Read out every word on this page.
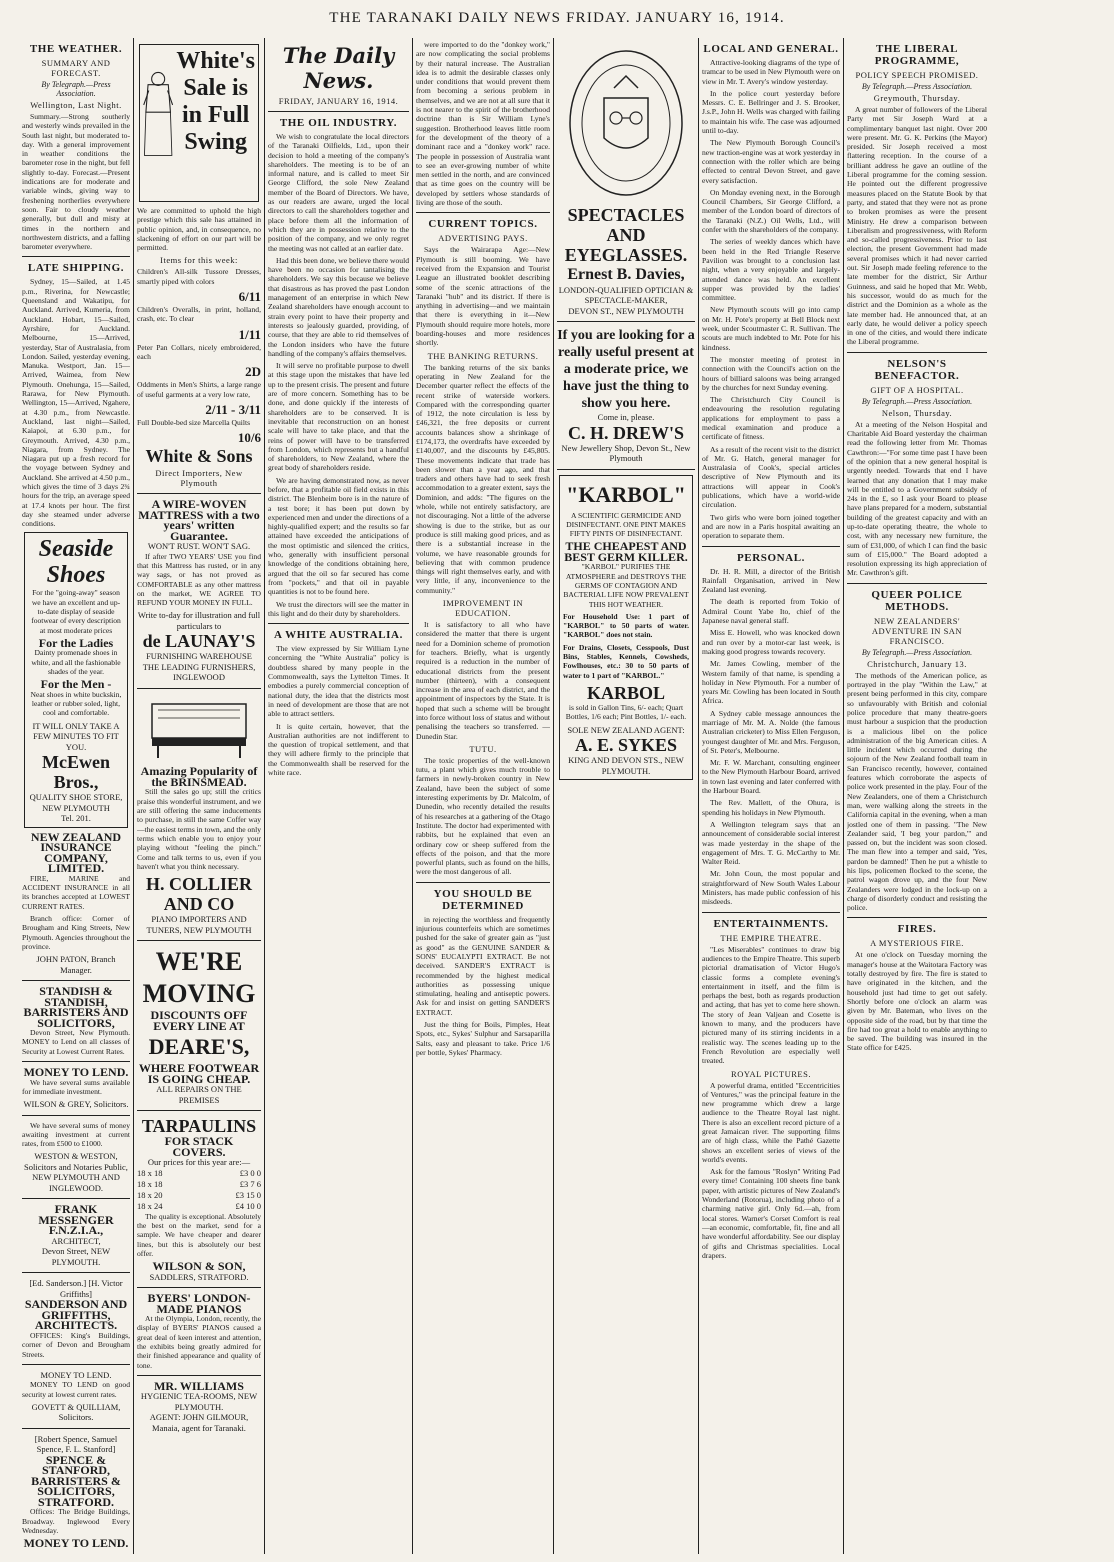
THE TARANAKI DAILY NEWS FRIDAY. JANUARY 16, 1914.
THE WEATHER.
SUMMARY AND FORECAST.
By Telegraph.—Press Association.
Wellington, Last Night.

Summary.—Strong southerly and westerly winds prevailed in the South last night, but moderated to-day. With a general improvement in weather conditions the barometer rose in the night, but fell slightly to-day. Forecast.—Present indications are for moderate and variable winds, giving way to freshening northerlies everywhere soon. Fair to cloudy weather generally, but dull and misty at times in the northern and northwestern districts, and a falling barometer everywhere.

LATE SHIPPING.

Sydney, 15—Sailed, at 1.45 p.m., Riverina, for Newcastle; Queensland and Wakatipu, for Auckland. Arrived, Kumeria, from Auckland. Hobart, 15—Sailed, Ayrshire, for Auckland. Melbourne, 15—Arrived, yesterday, Star of Australasia, from London. Sailed, yesterday evening, Manuka. Westport, Jan. 15—Arrived, Waimea, from New Plymouth. Onehunga, 15—Sailed, Rarawa, for New Plymouth. Wellington, 15—Arrived, Ngahere, at 4.30 p.m., from Newcastle. Auckland, last night—Sailed, Kaiapoi, at 6.30 p.m., for Greymouth. Arrived, 4.30 p.m., Niagara, from Sydney. The Niagara put up a fresh record for the voyage between Sydney and Auckland. She arrived at 4.50 p.m., which gives the time of 3 days 2¾ hours for the trip, an average speed at 17.4 knots per hour. The first day she steamed under adverse conditions.

Seaside Shoes

For the "going-away" season we have an excellent and up-to-date display of seaside footwear of every description at most moderate prices

For the Ladies

Dainty promenade shoes in white, and all the fashionable shades of the year.

For the Men -

Neat shoes in white buckskin, leather or rubber soled, light, cool and comfortable.

IT WILL ONLY TAKE A FEW MINUTES TO FIT YOU.
McEwen Bros.,
QUALITY SHOE STORE, NEW PLYMOUTH
Tel. 201.
NEW ZEALAND INSURANCE COMPANY, LIMITED.

FIRE, MARINE and ACCIDENT INSURANCE in all its branches accepted at LOWEST CURRENT RATES.

Branch office: Corner of Brougham and King Streets, New Plymouth. Agencies throughout the province.

JOHN PATON, Branch Manager.
STANDISH & STANDISH, BARRISTERS AND SOLICITORS,

Devon Street, New Plymouth. MONEY to Lend on all classes of Security at Lowest Current Rates.

MONEY TO LEND.

We have several sums available for immediate investment.

WILSON & GREY, Solicitors.

We have several sums of money awaiting investment at current rates, from £500 to £1000.

WESTON & WESTON, Solicitors and Notaries Public, NEW PLYMOUTH AND INGLEWOOD.
FRANK MESSENGER F.N.Z.I.A.,
ARCHITECT,
Devon Street, NEW PLYMOUTH.
[Ed. Sanderson.] [H. Victor Griffiths]
SANDERSON AND GRIFFITHS, ARCHITECTS.

OFFICES: King's Buildings, corner of Devon and Brougham Streets.

MONEY TO LEND.

MONEY TO LEND on good security at lowest current rates.

GOVETT & QUILLIAM, Solicitors.
[Robert Spence, Samuel Spence, F. L. Stanford]
SPENCE & STANFORD, BARRISTERS & SOLICITORS, STRATFORD.

Offices: The Bridge Buildings, Broadway. Inglewood Every Wednesday.

MONEY TO LEND.
White's Sale is in Full Swing

We are committed to uphold the high prestige which this sale has attained in public opinion, and, in consequence, no slackening of effort on our part will be permitted.

Items for this week:

Children's All-silk Tussore Dresses, smartly piped with colors

6/11

Children's Overalls, in print, holland, crash, etc. To clear

1/11

Peter Pan Collars, nicely embroidered, each

2D

Oddments in Men's Shirts, a large range of useful garments at a very low rate,

2/11 - 3/11

Full Double-bed size Marcella Quilts

10/6
White & Sons
Direct Importers, New Plymouth
A WIRE-WOVEN MATTRESS with a two years' written Guarantee.
WON'T RUST. WON'T SAG.

If after TWO YEARS' USE you find that this Mattress has rusted, or in any way sags, or has not proved as COMFORTABLE as any other mattress on the market, WE AGREE TO REFUND YOUR MONEY IN FULL.

Write to-day for illustration and full particulars to
de LAUNAY'S
FURNISHING WAREHOUSE THE LEADING FURNISHERS, INGLEWOOD
Amazing Popularity of the BRINSMEAD.

Still the sales go up; still the critics praise this wonderful instrument, and we are still offering the same inducements to purchase, in still the same Coffer way—the easiest terms in town, and the only terms which enable you to enjoy your playing without "feeling the pinch." Come and talk terms to us, even if you haven't what you think necessary.

H. COLLIER AND CO
PIANO IMPORTERS AND TUNERS, NEW PLYMOUTH
WE'RE MOVING
DISCOUNTS OFF EVERY LINE AT
DEARE'S,
WHERE FOOTWEAR IS GOING CHEAP.
ALL REPAIRS ON THE PREMISES
TARPAULINS
FOR STACK COVERS.
Our prices for this year are:—
18 x 18	£3 0 0
18 x 18	£3 7 6
18 x 20	£3 15 0
18 x 24	£4 10 0

The quality is exceptional. Absolutely the best on the market, send for a sample. We have cheaper and dearer lines, but this is absolutely our best offer.

WILSON & SON,
SADDLERS, STRATFORD.
BYERS' LONDON-MADE PIANOS

At the Olympia, London, recently, the display of BYERS' PIANOS caused a great deal of keen interest and attention, the exhibits being greatly admired for their finished appearance and quality of tone.

MR. WILLIAMS
HYGIENIC TEA-ROOMS, NEW PLYMOUTH.
AGENT: JOHN GILMOUR, Manaia, agent for Taranaki.
The Daily News.
FRIDAY, JANUARY 16, 1914.
THE OIL INDUSTRY.

We wish to congratulate the local directors of the Taranaki Oilfields, Ltd., upon their decision to hold a meeting of the company's shareholders. The meeting is to be of an informal nature, and is called to meet Sir George Clifford, the sole New Zealand member of the Board of Directors. We have, as our readers are aware, urged the local directors to call the shareholders together and place before them all the information of which they are in possession relative to the position of the company, and we only regret the meeting was not called at an earlier date.

Had this been done, we believe there would have been no occasion for tantalising the shareholders. We say this because we believe that disastrous as has proved the past London management of an enterprise in which New Zealand shareholders have enough account to strain every point to have their property and interests so jealously guarded, providing, of course, that they are able to rid themselves of the London insiders who have the future handling of the company's affairs themselves.

It will serve no profitable purpose to dwell at this stage upon the mistakes that have led up to the present crisis. The present and future are of more concern. Something has to be done, and done quickly if the interests of shareholders are to be conserved. It is inevitable that reconstruction on an honest scale will have to take place, and that the reins of power will have to be transferred from London, which represents but a handful of shareholders, to New Zealand, where the great body of shareholders reside.

We are having demonstrated now, as never before, that a profitable oil field exists in this district. The Blenheim bore is in the nature of a test bore; it has been put down by experienced men and under the directions of a highly-qualified expert; and the results so far attained have exceeded the anticipations of the most optimistic and silenced the critics, who, generally with insufficient personal knowledge of the conditions obtaining here, argued that the oil so far secured has come from "pockets," and that oil in payable quantities is not to be found here.

We trust the directors will see the matter in this light and do their duty by shareholders.

A WHITE AUSTRALIA.

The view expressed by Sir William Lyne concerning the "White Australia" policy is doubtless shared by many people in the Commonwealth, says the Lyttelton Times. It embodies a purely commercial conception of national duty, the idea that the districts most in need of development are those that are not able to attract settlers.

It is quite certain, however, that the Australian authorities are not indifferent to the question of tropical settlement, and that they will adhere firmly to the principle that the Commonwealth shall be reserved for the white race.

were imported to do the "donkey work," are now complicating the social problems by their natural increase. The Australian idea is to admit the desirable classes only under conditions that would prevent them from becoming a serious problem in themselves, and we are not at all sure that it is not nearer to the spirit of the brotherhood doctrine than is Sir William Lyne's suggestion. Brotherhood leaves little room for the development of the theory of a dominant race and a "donkey work" race. The people in possession of Australia want to see an ever-growing number of white men settled in the north, and are convinced that as time goes on the country will be developed by settlers whose standards of living are those of the south.

CURRENT TOPICS.
ADVERTISING PAYS.

Says the Wairarapa Age:—New Plymouth is still booming. We have received from the Expansion and Tourist League an illustrated booklet describing some of the scenic attractions of the Taranaki "hub" and its district. If there is anything in advertising—and we maintain that there is everything in it—New Plymouth should require more hotels, more boarding-houses and more residences shortly.

THE BANKING RETURNS.

The banking returns of the six banks operating in New Zealand for the December quarter reflect the effects of the recent strike of waterside workers. Compared with the corresponding quarter of 1912, the note circulation is less by £46,321, the free deposits or current accounts balances show a shrinkage of £174,173, the overdrafts have exceeded by £140,007, and the discounts by £45,805. These movements indicate that trade has been slower than a year ago, and that traders and others have had to seek fresh accommodation to a greater extent, says the Dominion, and adds: "The figures on the whole, while not entirely satisfactory, are not discouraging. Not a little of the adverse showing is due to the strike, but as our produce is still making good prices, and as there is a substantial increase in the volume, we have reasonable grounds for believing that with common prudence things will right themselves early, and with very little, if any, inconvenience to the community."

IMPROVEMENT IN EDUCATION.

It is satisfactory to all who have considered the matter that there is urgent need for a Dominion scheme of promotion for teachers. Briefly, what is urgently required is a reduction in the number of educational districts from the present number (thirteen), with a consequent increase in the area of each district, and the appointment of inspectors by the State. It is hoped that such a scheme will be brought into force without loss of status and without penalising the teachers so transferred. — Dunedin Star.

TUTU.

The toxic properties of the well-known tutu, a plant which gives much trouble to farmers in newly-broken country in New Zealand, have been the subject of some interesting experiments by Dr. Malcolm, of Dunedin, who recently detailed the results of his researches at a gathering of the Otago Institute. The doctor had experimented with rabbits, but he explained that even an ordinary cow or sheep suffered from the effects of the poison, and that the more powerful plants, such as found on the hills, were the most dangerous of all.

YOU SHOULD BE DETERMINED

in rejecting the worthless and frequently injurious counterfeits which are sometimes pushed for the sake of greater gain as "just as good" as the GENUINE SANDER & SONS' EUCALYPTI EXTRACT. Be not deceived. SANDER'S EXTRACT is recommended by the highest medical authorities as possessing unique stimulating, healing and antiseptic powers. Ask for and insist on getting SANDER'S EXTRACT.

Just the thing for Boils, Pimples, Heat Spots, etc., Sykes' Sulphur and Sarsaparilla Salts, easy and pleasant to take. Price 1/6 per bottle, Sykes' Pharmacy.

SPECTACLES AND EYEGLASSES.
Ernest B. Davies,
LONDON-QUALIFIED OPTICIAN & SPECTACLE-MAKER,
DEVON ST., NEW PLYMOUTH
If you are looking for a really useful present at a moderate price, we have just the thing to show you here.
Come in, please.
C. H. DREW'S
New Jewellery Shop, Devon St., New Plymouth
"KARBOL"

A SCIENTIFIC GERMICIDE AND DISINFECTANT. ONE PINT MAKES FIFTY PINTS OF DISINFECTANT.

THE CHEAPEST AND BEST GERM KILLER.

"KARBOL" PURIFIES THE ATMOSPHERE and DESTROYS THE GERMS OF CONTAGION AND BACTERIAL LIFE NOW PREVALENT THIS HOT WEATHER.

For Household Use: 1 part of "KARBOL" to 50 parts of water. "KARBOL" does not stain.

For Drains, Closets, Cesspools, Dust Bins, Stables, Kennels, Cowsheds, Fowlhouses, etc.: 30 to 50 parts of water to 1 part of "KARBOL."

KARBOL

is sold in Gallon Tins, 6/- each; Quart Bottles, 1/6 each; Pint Bottles, 1/- each.

SOLE NEW ZEALAND AGENT:
A. E. SYKES
KING AND DEVON STS., NEW PLYMOUTH.
LOCAL AND GENERAL.

Attractive-looking diagrams of the type of tramcar to be used in New Plymouth were on view in Mr. T. Avery's window yesterday.

In the police court yesterday before Messrs. C. E. Bellringer and J. S. Brooker, J.s.P., John H. Wells was charged with failing to maintain his wife. The case was adjourned until to-day.

The New Plymouth Borough Council's new traction-engine was at work yesterday in connection with the roller which are being effected to central Devon Street, and gave every satisfaction.

On Monday evening next, in the Borough Council Chambers, Sir George Clifford, a member of the London board of directors of the Taranaki (N.Z.) Oil Wells, Ltd., will confer with the shareholders of the company.

The series of weekly dances which have been held in the Red Triangle Reserve Pavilion was brought to a conclusion last night, when a very enjoyable and largely-attended dance was held. An excellent supper was provided by the ladies' committee.

New Plymouth scouts will go into camp on Mr. H. Pote's property at Bell Block next week, under Scoutmaster C. R. Sullivan. The scouts are much indebted to Mr. Pote for his kindness.

The monster meeting of protest in connection with the Council's action on the hours of billiard saloons was being arranged by the churches for next Sunday evening.

The Christchurch City Council is endeavouring the resolution regulating applications for employment to pass a medical examination and produce a certificate of fitness.

As a result of the recent visit to the district of Mr. G. Hatch, general manager for Australasia of Cook's, special articles descriptive of New Plymouth and its attractions will appear in Cook's publications, which have a world-wide circulation.

Two girls who were born joined together and are now in a Paris hospital awaiting an operation to separate them.

PERSONAL.

Dr. H. R. Mill, a director of the British Rainfall Organisation, arrived in New Zealand last evening.

The death is reported from Tokio of Admiral Count Yabe Ito, chief of the Japanese naval general staff.

Miss E. Howell, who was knocked down and run over by a motor-car last week, is making good progress towards recovery.

Mr. James Cowling, member of the Western family of that name, is spending a holiday in New Plymouth. For a number of years Mr. Cowling has been located in South Africa.

A Sydney cable message announces the marriage of Mr. M. A. Nolde (the famous Australian cricketer) to Miss Ellen Ferguson, youngest daughter of Mr. and Mrs. Ferguson, of St. Peter's, Melbourne.

Mr. F. W. Marchant, consulting engineer to the New Plymouth Harbour Board, arrived in town last evening and later conferred with the Harbour Board.

The Rev. Mallett, of the Ohura, is spending his holidays in New Plymouth.

A Wellington telegram says that an announcement of considerable social interest was made yesterday in the shape of the engagement of Mrs. T. G. McCarthy to Mr. Walter Reid.

Mr. John Coun, the most popular and straightforward of New South Wales Labour Ministers, has made public confession of his misdeeds.

ENTERTAINMENTS.
THE EMPIRE THEATRE.

"Les Miserables" continues to draw big audiences to the Empire Theatre. This superb pictorial dramatisation of Victor Hugo's classic forms a complete evening's entertainment in itself, and the film is perhaps the best, both as regards production and acting, that has yet to come here shown. The story of Jean Valjean and Cosette is known to many, and the producers have pictured many of its stirring incidents in a realistic way. The scenes leading up to the French Revolution are especially well treated.

ROYAL PICTURES.

A powerful drama, entitled "Eccentricities of Ventures," was the principal feature in the new programme which drew a large audience to the Theatre Royal last night. There is also an excellent record picture of a great Jamaican river. The supporting films are of high class, while the Pathé Gazette shows an excellent series of views of the world's events.

Ask for the famous "Roslyn" Writing Pad every time! Containing 100 sheets fine bank paper, with artistic pictures of New Zealand's Wonderland (Rotorua), including photo of a charming native girl. Only 6d.—ah, from local stores. Warner's Corset Comfort is real—an economic, comfortable, fit, fine and all have wonderful affordability. See our display of gifts and Christmas specialities. Local drapers.

THE LIBERAL PROGRAMME,
POLICY SPEECH PROMISED.
By Telegraph.—Press Association.
Greymouth, Thursday.

A great number of followers of the Liberal Party met Sir Joseph Ward at a complimentary banquet last night. Over 200 were present. Mr. G. K. Perkins (the Mayor) presided. Sir Joseph received a most flattering reception. In the course of a brilliant address he gave an outline of the Liberal programme for the coming session. He pointed out the different progressive measures placed on the Statute Book by that party, and stated that they were not as prone to broken promises as were the present Ministry. He drew a comparison between Liberalism and progressiveness, with Reform and so-called progressiveness. Prior to last election, the present Government had made several promises which it had never carried out. Sir Joseph made feeling reference to the late member for the district, Sir Arthur Guinness, and said he hoped that Mr. Webb, his successor, would do as much for the district and the Dominion as a whole as the late member had. He announced that, at an early date, he would deliver a policy speech in one of the cities, and would there indicate the Liberal programme.

NELSON'S BENEFACTOR.
GIFT OF A HOSPITAL.
By Telegraph.—Press Association.
Nelson, Thursday.

At a meeting of the Nelson Hospital and Charitable Aid Board yesterday the chairman read the following letter from Mr. Thomas Cawthron:—"For some time past I have been of the opinion that a new general hospital is urgently needed. Towards that end I have learned that any donation that I may make will be entitled to a Government subsidy of 24s in the £, so I ask your Board to please have plans prepared for a modern, substantial building of the greatest capacity and with an up-to-date operating theatre, the whole to cost, with any necessary new furniture, the sum of £31,000, of which I can find the basic sum of £15,000." The Board adopted a resolution expressing its high appreciation of Mr. Cawthron's gift.

QUEER POLICE METHODS.
NEW ZEALANDERS' ADVENTURE IN SAN FRANCISCO.
By Telegraph.—Press Association.
Christchurch, January 13.

The methods of the American police, as portrayed in the play "Within the Law," at present being performed in this city, compare so unfavourably with British and colonial police procedure that many theatre-goers must harbour a suspicion that the production is a malicious libel on the police administration of the big American cities. A little incident which occurred during the sojourn of the New Zealand football team in San Francisco recently, however, contained features which corroborate the aspects of police work presented in the play. Four of the New Zealanders, one of them a Christchurch man, were walking along the streets in the California capital in the evening, when a man jostled one of them in passing. "The New Zealander said, 'I beg your pardon,'" and passed on, but the incident was soon closed. The man flew into a temper and said, 'Yes, pardon be damned!' Then he put a whistle to his lips, policemen flocked to the scene, the patrol wagon drove up, and the four New Zealanders were lodged in the lock-up on a charge of disorderly conduct and resisting the police.

FIRES.
A MYSTERIOUS FIRE.

At one o'clock on Tuesday morning the manager's house at the Waitotara Factory was totally destroyed by fire. The fire is stated to have originated in the kitchen, and the household just had time to get out safely. Shortly before one o'clock an alarm was given by Mr. Bateman, who lives on the opposite side of the road, but by that time the fire had too great a hold to enable anything to be saved. The building was insured in the State office for £425.
